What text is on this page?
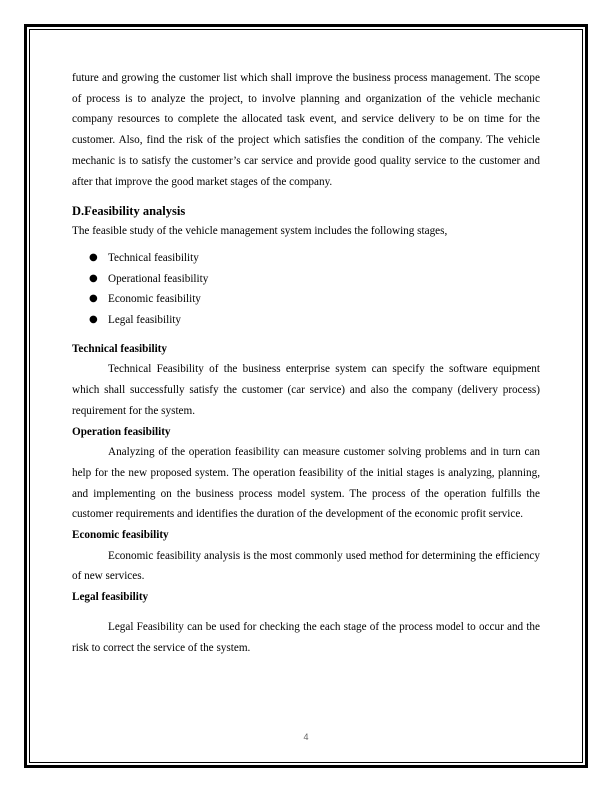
future and growing the customer list which shall improve the business process management. The scope of process is to analyze the project, to involve planning and organization of the vehicle mechanic company resources to complete the allocated task event, and service delivery to be on time for the customer. Also, find the risk of the project which satisfies the condition of the company. The vehicle mechanic is to satisfy the customer’s car service and provide good quality service to the customer and after that improve the good market stages of the company.

D.Feasibility analysis

The feasible study of the vehicle management system includes the following stages,

● Technical feasibility
● Operational feasibility
● Economic feasibility
● Legal feasibility
Technical feasibility

Technical Feasibility of the business enterprise system can specify the software equipment which shall successfully satisfy the customer (car service) and also the company (delivery process) requirement for the system.

Operation feasibility

Analyzing of the operation feasibility can measure customer solving problems and in turn can help for the new proposed system. The operation feasibility of the initial stages is analyzing, planning, and implementing on the business process model system. The process of the operation fulfills the customer requirements and identifies the duration of the development of the economic profit service.

Economic feasibility

Economic feasibility analysis is the most commonly used method for determining the efficiency of new services.

Legal feasibility

Legal Feasibility can be used for checking the each stage of the process model to occur and the risk to correct the service of the system.

4
